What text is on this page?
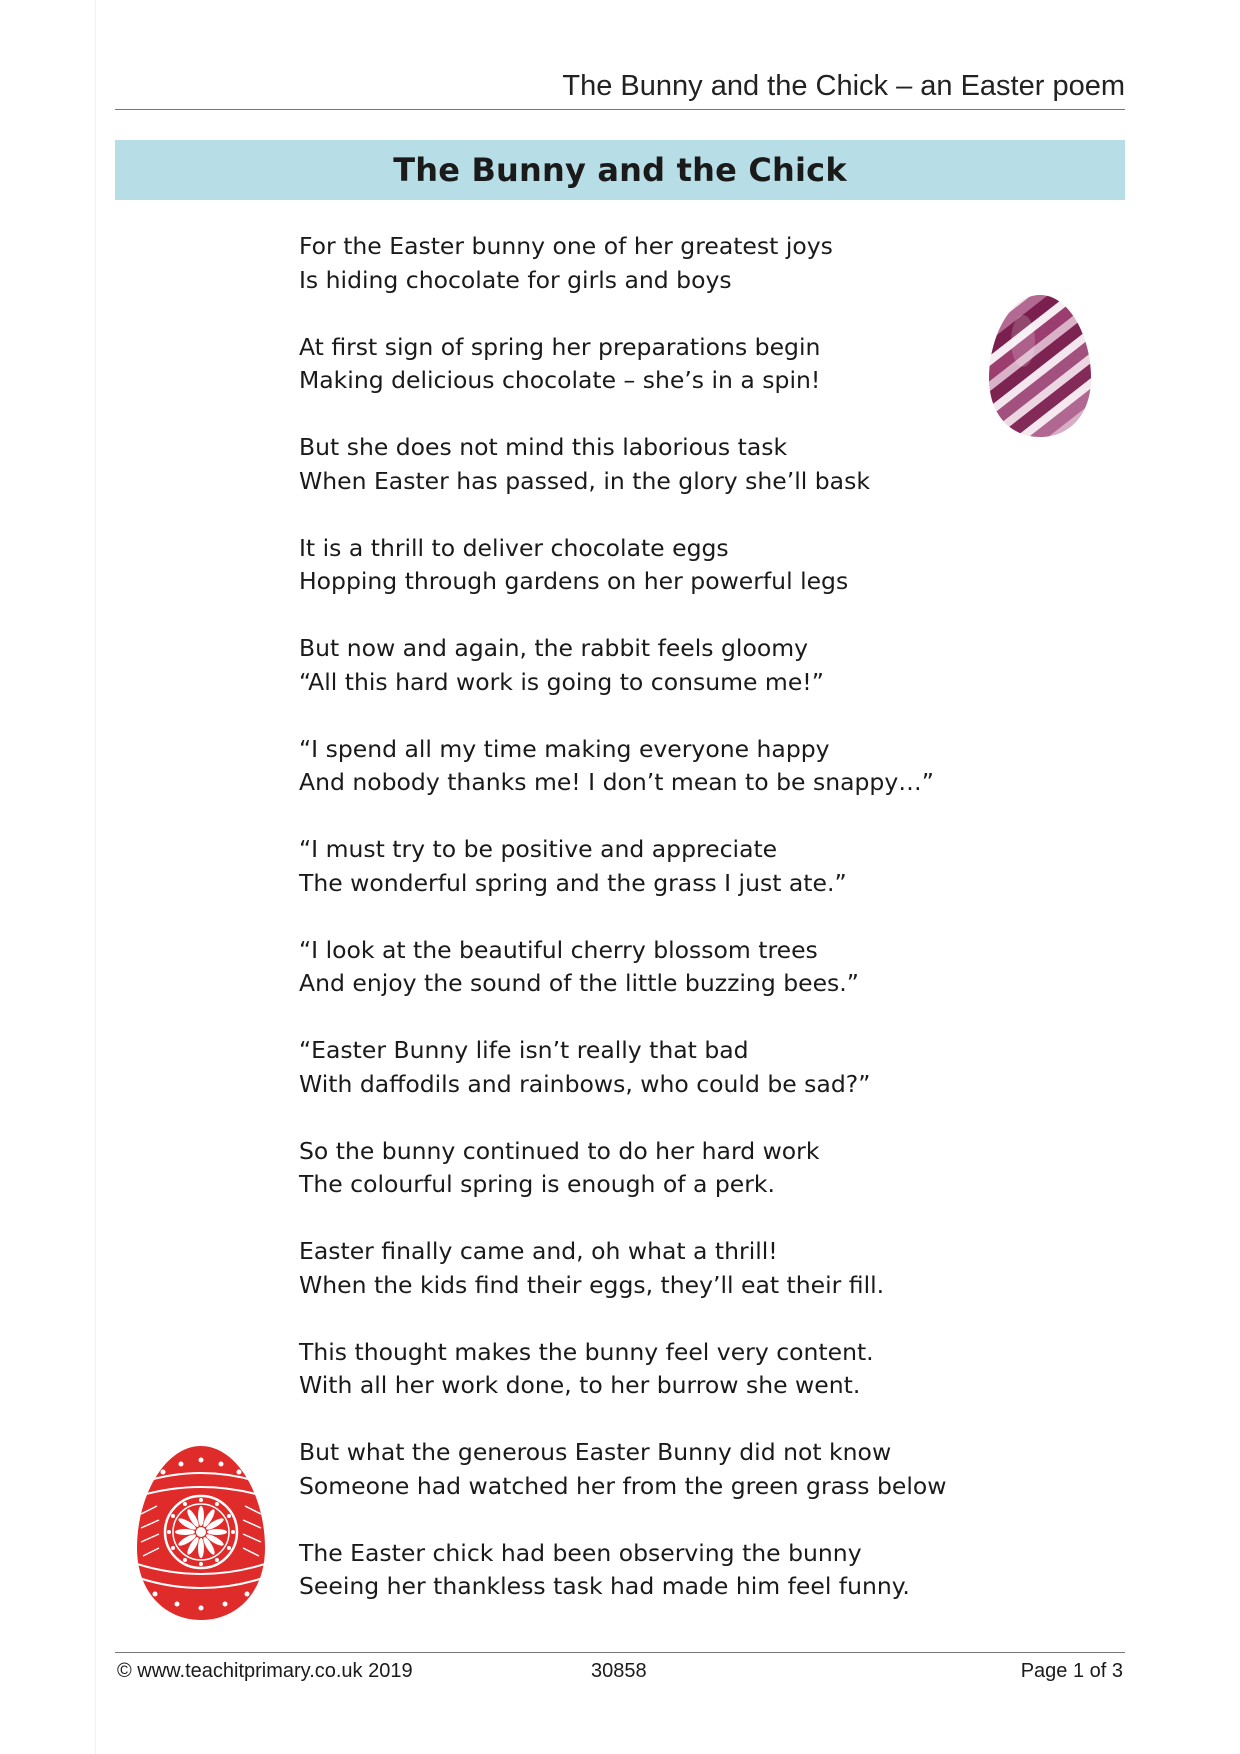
The Bunny and the Chick – an Easter poem
The Bunny and the Chick
For the Easter bunny one of her greatest joys
Is hiding chocolate for girls and boys
At first sign of spring her preparations begin
Making delicious chocolate – she’s in a spin!
But she does not mind this laborious task
When Easter has passed, in the glory she’ll bask
It is a thrill to deliver chocolate eggs
Hopping through gardens on her powerful legs
But now and again, the rabbit feels gloomy
“All this hard work is going to consume me!”
“I spend all my time making everyone happy
And nobody thanks me! I don’t mean to be snappy…”
“I must try to be positive and appreciate
The wonderful spring and the grass I just ate.”
“I look at the beautiful cherry blossom trees
And enjoy the sound of the little buzzing bees.”
“Easter Bunny life isn’t really that bad
With daffodils and rainbows, who could be sad?”
So the bunny continued to do her hard work
The colourful spring is enough of a perk.
Easter finally came and, oh what a thrill!
When the kids find their eggs, they’ll eat their fill.
This thought makes the bunny feel very content.
With all her work done, to her burrow she went.
But what the generous Easter Bunny did not know
Someone had watched her from the green grass below
The Easter chick had been observing the bunny
Seeing her thankless task had made him feel funny.
© www.teachitprimary.co.uk 2019	30858	Page 1 of 3
